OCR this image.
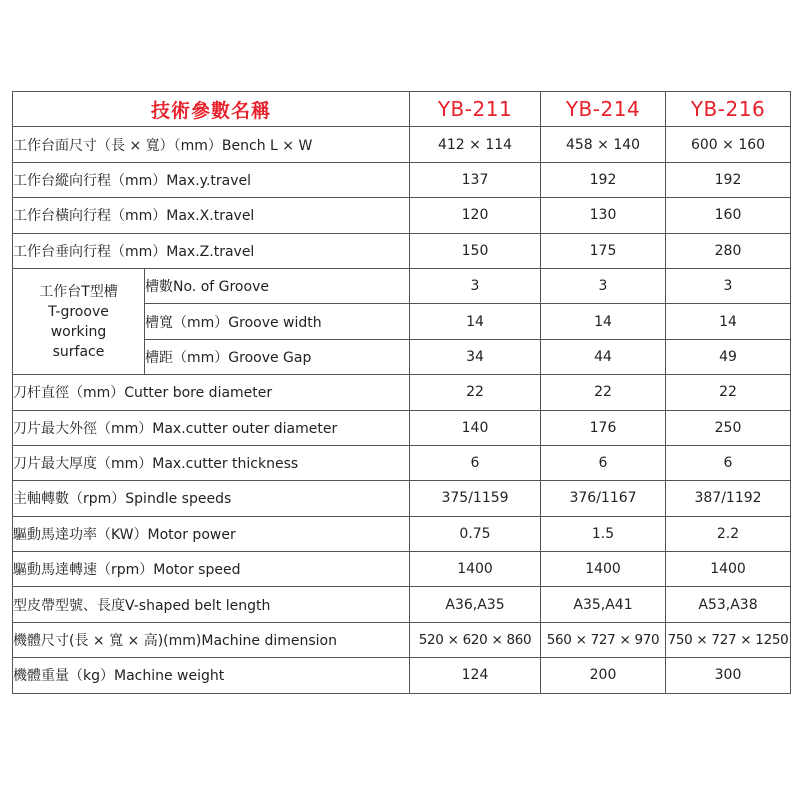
技術參數名稱		YB-211	YB-214	YB-216
工作台面尺寸（長 × 寬）（mm）Bench L × W		412 × 114	458 × 140	600 × 160
工作台縱向行程（mm）Max.y.travel		137	192	192
工作台橫向行程（mm）Max.X.travel		120	130	160
工作台垂向行程（mm）Max.Z.travel		150	175	280

工作台T型槽
T-groove
working
surface	槽數No. of Groove	3	3	3
	槽寬（mm）Groove width	14	14	14
	槽距（mm）Groove Gap	34	44	49
刀杆直徑（mm）Cutter bore diameter		22	22	22
刀片最大外徑（mm）Max.cutter outer diameter		140	176	250
刀片最大厚度（mm）Max.cutter thickness		6	6	6
主軸轉數（rpm）Spindle speeds		375/1159	376/1167	387/1192
驅動馬達功率（KW）Motor power		0.75	1.5	2.2
驅動馬達轉速（rpm）Motor speed		1400	1400	1400
型皮帶型號、長度V-shaped belt length		A36,A35	A35,A41	A53,A38
機體尺寸(長 × 寬 × 高)(mm)Machine dimension		520 × 620 × 860	560 × 727 × 970	750 × 727 × 1250
機體重量（kg）Machine weight		124	200	300
